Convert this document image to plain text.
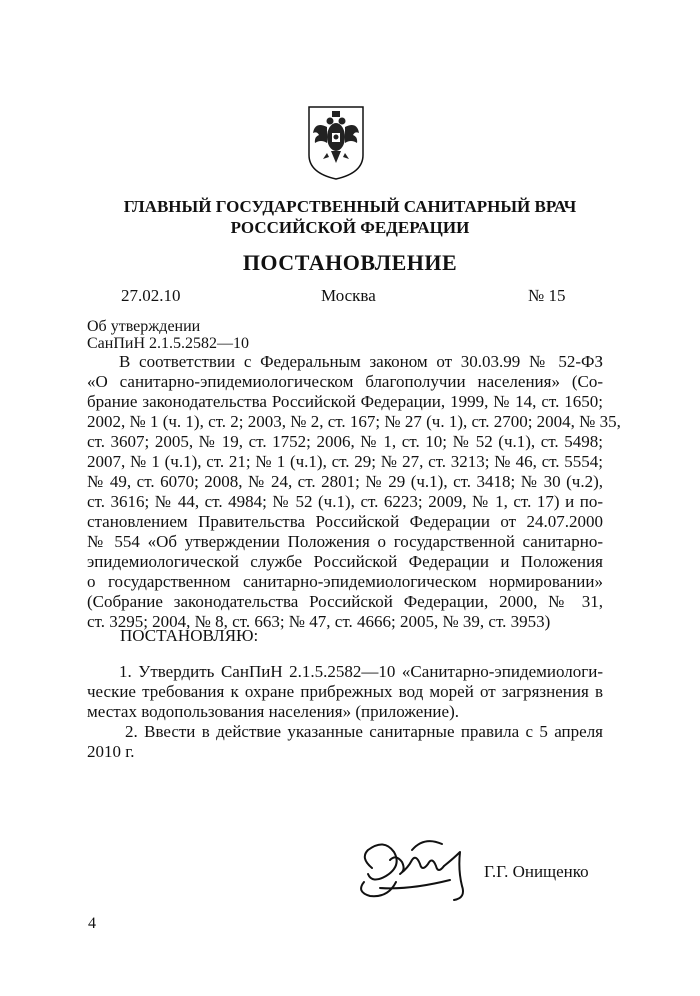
ГЛАВНЫЙ ГОСУДАРСТВЕННЫЙ САНИТАРНЫЙ ВРАЧ
РОССИЙСКОЙ ФЕДЕРАЦИИ
ПОСТАНОВЛЕНИЕ
27.02.10	Москва	№ 15
Об утверждении
СанПиН 2.1.5.2582—10
В соответствии с Федеральным законом от 30.03.99 № 52-ФЗ
«О санитарно-эпидемиологическом благополучии населения» (Со-
брание законодательства Российской Федерации, 1999, № 14, ст. 1650;
2002, № 1 (ч. 1), ст. 2; 2003, № 2, ст. 167; № 27 (ч. 1), ст. 2700; 2004, № 35,
ст. 3607; 2005, № 19, ст. 1752; 2006, № 1, ст. 10; № 52 (ч.1), ст. 5498;
2007, № 1 (ч.1), ст. 21; № 1 (ч.1), ст. 29; № 27, ст. 3213; № 46, ст. 5554;
№ 49, ст. 6070; 2008, № 24, ст. 2801; № 29 (ч.1), ст. 3418; № 30 (ч.2),
ст. 3616; № 44, ст. 4984; № 52 (ч.1), ст. 6223; 2009, № 1, ст. 17) и по-
становлением Правительства Российской Федерации от 24.07.2000
№ 554 «Об утверждении Положения о государственной санитарно-
эпидемиологической службе Российской Федерации и Положения
о государственном санитарно-эпидемиологическом нормировании»
(Собрание законодательства Российской Федерации, 2000, № 31,
ст. 3295; 2004, № 8, ст. 663; № 47, ст. 4666; 2005, № 39, ст. 3953)
ПОСТАНОВЛЯЮ:
1. Утвердить СанПиН 2.1.5.2582—10 «Санитарно-эпидемиологи-
ческие требования к охране прибрежных вод морей от загрязнения в
местах водопользования населения» (приложение).
2. Ввести в действие указанные санитарные правила с 5 апреля
2010 г.
Г.Г. Онищенко
4
